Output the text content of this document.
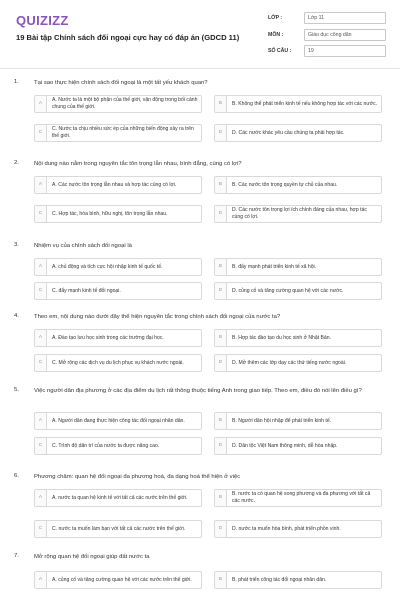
QUIZIZZ
19 Bài tập Chính sách đối ngoại cực hay có đáp án (GDCD 11)
LỚP :	Lớp 11
MÔN :	Giáo dục công dân
SỐ CÂU :	19
1.	Tại sao thực hiện chính sách đối ngoại là một tất yếu khách quan?
A
A. Nước ta là một bộ phận của thế giới, vận động trong bối cảnh chung của thế giới.	B	B. Không thể phát triển kinh tế nếu không hợp tác với các nước.
C
C. Nước ta chịu nhiều sức ép của những biến động xảy ra trên thế giới.	D	D. Các nước khác yêu cầu chúng ta phải hợp tác.
2.	Nội dung nào nằm trong nguyên tắc tôn trọng lẫn nhau, bình đẳng, cùng có lợi?
A	A. Các nước tôn trọng lẫn nhau và hợp tác cùng có lợi.	B	B. Các nước tôn trọng quyền tự chủ của nhau.
C	C. Hợp tác, hòa bình, hữu nghị, tôn trọng lẫn nhau.	D
D. Các nước tôn trọng lợi ích chính đáng của nhau, hợp tác cùng có lợi.
3.	Nhiệm vụ của chính sách đối ngoại là
A	A. chủ động và tích cực hội nhập kinh tế quốc tế.	B	B. đẩy mạnh phát triển kinh tế xã hội.
C	C. đẩy mạnh kinh tế đối ngoại.	D	D. củng cố và tăng cường quan hệ với các nước.
4.	Theo em, nội dung nào dưới đây thể hiện nguyên tắc trong chính sách đối ngoại của nước ta?
A	A. Đào tạo lưu học sinh trong các trường đại học.	B	B. Hợp tác đào tạo du học sinh ở Nhật Bản.
C	C. Mở rộng các dịch vụ du lịch phục vụ khách nước ngoài.	D	D. Mở thêm các lớp dạy các thứ tiếng nước ngoài.
5.	Việc người dân địa phương ở các địa điểm du lịch rất thông thuộc tiếng Anh trong giao tiếp. Theo em, điều đó nói lên điều gì?
A	A. Người dân đang thực hiện công tác đối ngoại nhân dân.	B	B. Người dân hội nhập để phát triển kinh tế.
C	C. Trình độ dân trí của nước ta được nâng cao.	D	D. Dân tộc Việt Nam thông minh, dễ hòa nhập.
6.	Phương châm: quan hệ đối ngoại đa phương hoá, đa dạng hoá thể hiện ở việc
A	A. nước ta quan hệ kinh tế với tất cả các nước trên thế giới.	B
B. nước ta có quan hệ song phương và đa phương với tất cả các nước.
C	C. nước ta muốn làm bạn với tất cả các nước trên thế giới.	D	D. nước ta muốn hòa bình, phát triển phồn vinh.
7.	Mở rộng quan hệ đối ngoại giúp đất nước ta
A	A. củng cố và tăng cường quan hệ với các nước trên thế giới.	B	B. phát triển công tác đối ngoại nhân dân.
